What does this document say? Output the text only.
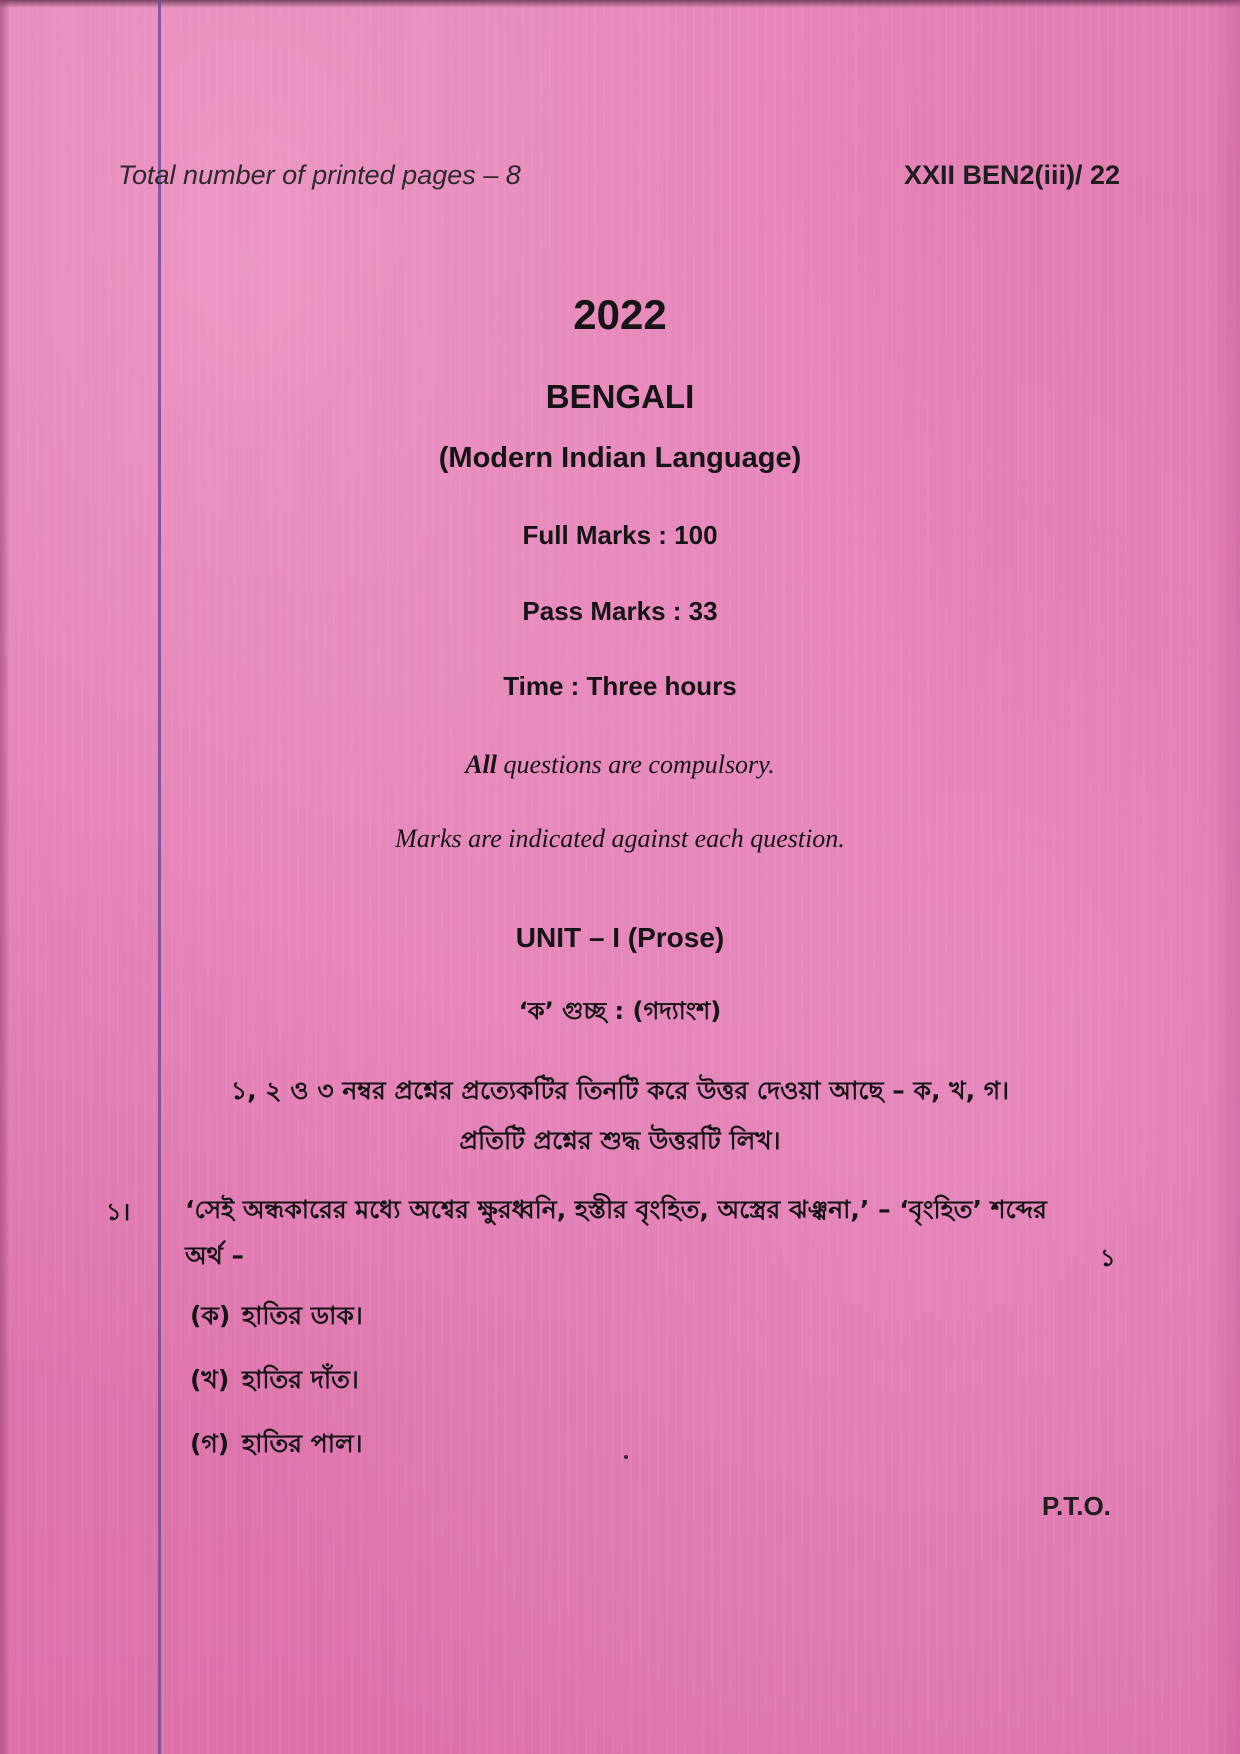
Total number of printed pages – 8	XXII BEN2(iii)/ 22
2022
BENGALI
(Modern Indian Language)
Full Marks : 100
Pass Marks : 33
Time : Three hours
All questions are compulsory.
Marks are indicated against each question.
UNIT – I (Prose)
‘ক’ গুচ্ছ : (গদ্যাংশ)
১, ২ ও ৩ নম্বর প্রশ্নের প্রত্যেকটির তিনটি করে উত্তর দেওয়া আছে – ক, খ, গ।
প্রতিটি প্রশ্নের শুদ্ধ উত্তরটি লিখ।
১। ‘সেই অন্ধকারের মধ্যে অশ্বের ক্ষুরধ্বনি, হস্তীর বৃংহিত, অস্ত্রের ঝঞ্ঝনা,’ – ‘বৃংহিত’ শব্দের
অর্থ –	১
(ক) হাতির ডাক।
(খ) হাতির দাঁত।
(গ) হাতির পাল।
P.T.O.
